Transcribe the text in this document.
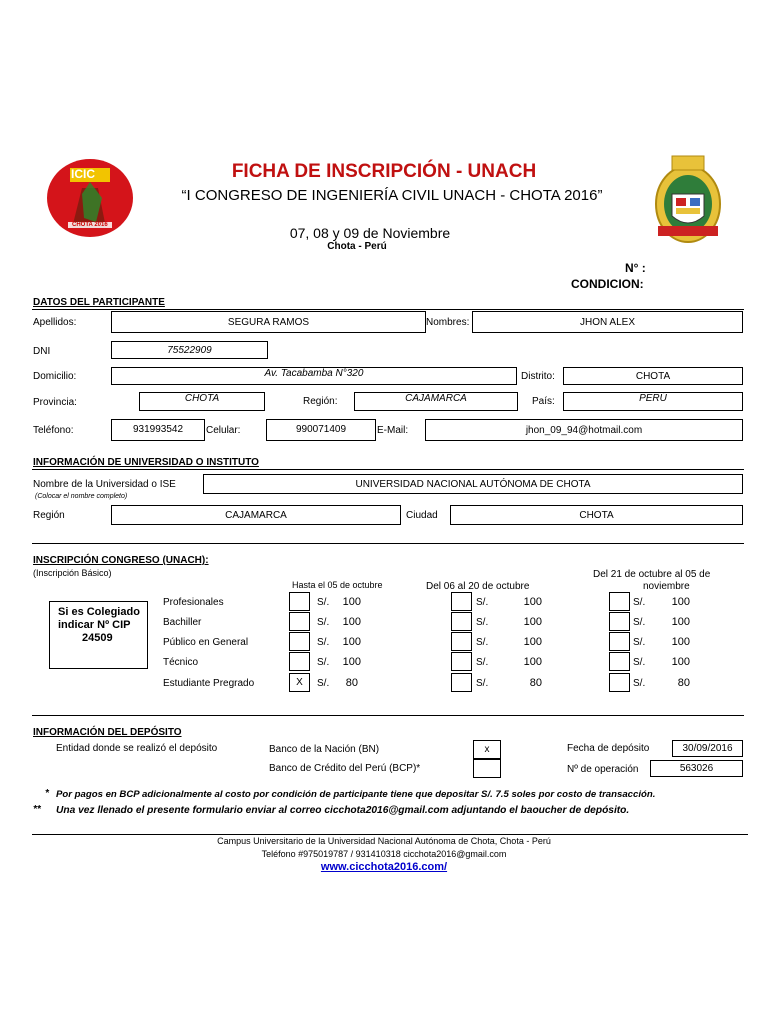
ICIC
CHOTA 2016
FICHA DE INSCRIPCIÓN - UNACH
“I CONGRESO DE INGENIERÍA CIVIL UNACH - CHOTA 2016”
07, 08 y 09 de Noviembre
Chota - Perú
N° :
CONDICION:
DATOS DEL PARTICIPANTE
Apellidos:	SEGURA RAMOS	Nombres:	JHON ALEX
DNI	75522909
Domicilio:	Av. Tacabamba N°320	Distrito:	CHOTA
Provincia:	CHOTA	Región:	CAJAMARCA	País:	PERÚ
Teléfono:	931993542	Celular:	990071409	E-Mail:	jhon_09_94@hotmail.com
INFORMACIÓN DE UNIVERSIDAD O INSTITUTO
Nombre de la Universidad o ISE
(Colocar el nombre completo)
UNIVERSIDAD NACIONAL AUTÓNOMA DE CHOTA
Región	CAJAMARCA	Ciudad	CHOTA
INSCRIPCIÓN CONGRESO (UNACH):
(Inscripción Básico)
Hasta el 05 de octubre	Del 06 al 20 de octubre
Del 21 de octubre al 05 de
noviembre
Si es Colegiado
indicar Nº CIP
24509
Profesionales	S/.	100	S/.	100	S/.	100
Bachiller	S/.	100	S/.	100	S/.	100
Público en General	S/.	100	S/.	100	S/.	100
Técnico	S/.	100	S/.	100	S/.	100
Estudiante Pregrado	X	S/.	80	S/.	80	S/.	80
INFORMACIÓN DEL DEPÓSITO
Entidad donde se realizó el depósito	Banco de la Nación (BN)	x
Banco de Crédito del Perú (BCP)*
Fecha de depósito	30/09/2016
Nº de operación	563026
* Por pagos en BCP adicionalmente al costo por condición de participante tiene que depositar S/. 7.5 soles por costo de transacción.
** Una vez llenado el presente formulario enviar al correo cicchota2016@gmail.com adjuntando el baoucher de depósito.
Campus Universitario de la Universidad Nacional Autónoma de Chota, Chota - Perú
Teléfono #975019787 / 931410318 cicchota2016@gmail.com
www.cicchota2016.com/
